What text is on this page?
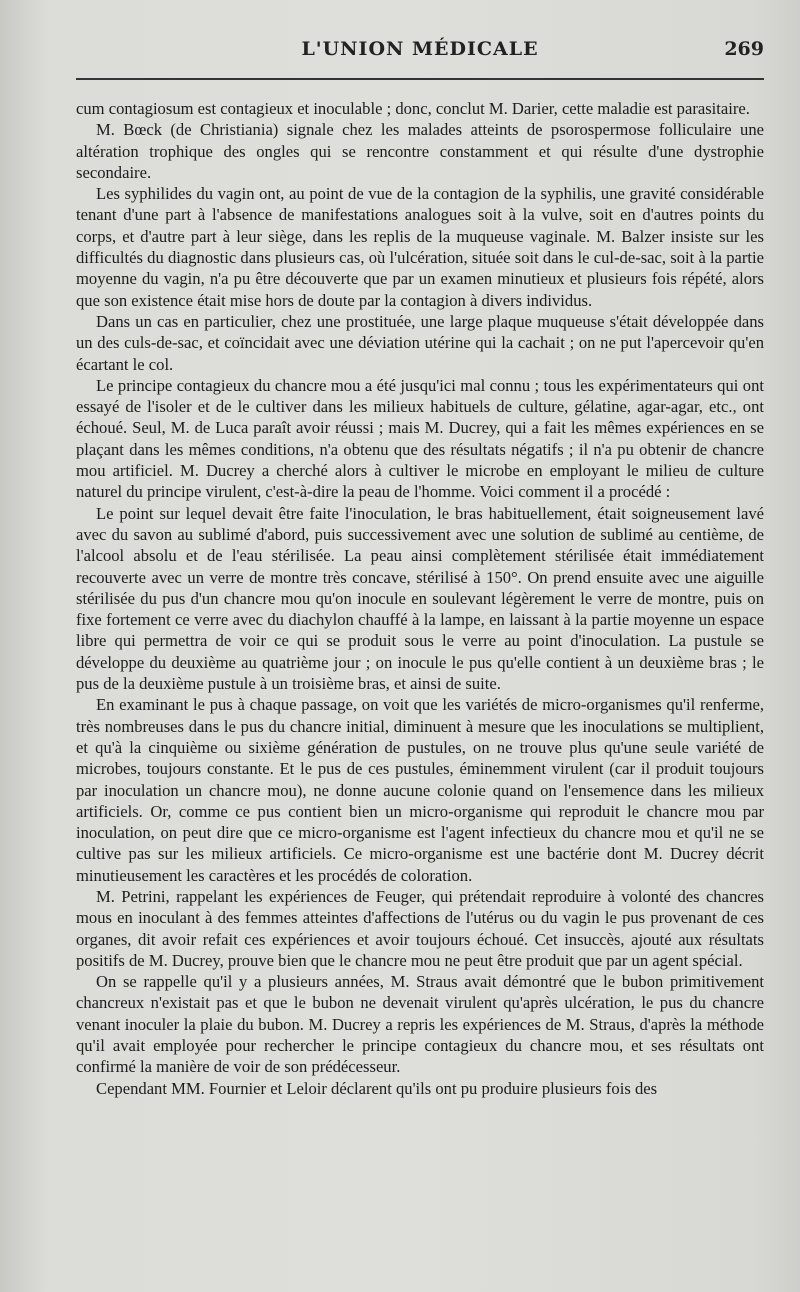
L'UNION MÉDICALE	269

cum contagiosum est contagieux et inoculable ; donc, conclut M. Darier, cette maladie est parasitaire.

M. Bœck (de Christiania) signale chez les malades atteints de psorospermose folliculaire une altération trophique des ongles qui se rencontre constamment et qui résulte d'une dystrophie secondaire.

Les syphilides du vagin ont, au point de vue de la contagion de la syphilis, une gravité considérable tenant d'une part à l'absence de manifestations analogues soit à la vulve, soit en d'autres points du corps, et d'autre part à leur siège, dans les replis de la muqueuse vaginale. M. Balzer insiste sur les difficultés du diagnostic dans plusieurs cas, où l'ulcération, située soit dans le cul-de-sac, soit à la partie moyenne du vagin, n'a pu être découverte que par un examen minutieux et plusieurs fois répété, alors que son existence était mise hors de doute par la contagion à divers individus.

Dans un cas en particulier, chez une prostituée, une large plaque muqueuse s'était développée dans un des culs-de-sac, et coïncidait avec une déviation utérine qui la cachait ; on ne put l'apercevoir qu'en écartant le col.

Le principe contagieux du chancre mou a été jusqu'ici mal connu ; tous les expérimentateurs qui ont essayé de l'isoler et de le cultiver dans les milieux habituels de culture, gélatine, agar-agar, etc., ont échoué. Seul, M. de Luca paraît avoir réussi ; mais M. Ducrey, qui a fait les mêmes expériences en se plaçant dans les mêmes conditions, n'a obtenu que des résultats négatifs ; il n'a pu obtenir de chancre mou artificiel. M. Ducrey a cherché alors à cultiver le microbe en employant le milieu de culture naturel du principe virulent, c'est-à-dire la peau de l'homme. Voici comment il a procédé :

Le point sur lequel devait être faite l'inoculation, le bras habituellement, était soigneusement lavé avec du savon au sublimé d'abord, puis successivement avec une solution de sublimé au centième, de l'alcool absolu et de l'eau stérilisée. La peau ainsi complètement stérilisée était immédiatement recouverte avec un verre de montre très concave, stérilisé à 150°. On prend ensuite avec une aiguille stérilisée du pus d'un chancre mou qu'on inocule en soulevant légèrement le verre de montre, puis on fixe fortement ce verre avec du diachylon chauffé à la lampe, en laissant à la partie moyenne un espace libre qui permettra de voir ce qui se produit sous le verre au point d'inoculation. La pustule se développe du deuxième au quatrième jour ; on inocule le pus qu'elle contient à un deuxième bras ; le pus de la deuxième pustule à un troisième bras, et ainsi de suite.

En examinant le pus à chaque passage, on voit que les variétés de micro-organismes qu'il renferme, très nombreuses dans le pus du chancre initial, diminuent à mesure que les inoculations se multiplient, et qu'à la cinquième ou sixième génération de pustules, on ne trouve plus qu'une seule variété de microbes, toujours constante. Et le pus de ces pustules, éminemment virulent (car il produit toujours par inoculation un chancre mou), ne donne aucune colonie quand on l'ensemence dans les milieux artificiels. Or, comme ce pus contient bien un micro-organisme qui reproduit le chancre mou par inoculation, on peut dire que ce micro-organisme est l'agent infectieux du chancre mou et qu'il ne se cultive pas sur les milieux artificiels. Ce micro-organisme est une bactérie dont M. Ducrey décrit minutieusement les caractères et les procédés de coloration.

M. Petrini, rappelant les expériences de Feuger, qui prétendait reproduire à volonté des chancres mous en inoculant à des femmes atteintes d'affections de l'utérus ou du vagin le pus provenant de ces organes, dit avoir refait ces expériences et avoir toujours échoué. Cet insuccès, ajouté aux résultats positifs de M. Ducrey, prouve bien que le chancre mou ne peut être produit que par un agent spécial.

On se rappelle qu'il y a plusieurs années, M. Straus avait démontré que le bubon primitivement chancreux n'existait pas et que le bubon ne devenait virulent qu'après ulcération, le pus du chancre venant inoculer la plaie du bubon. M. Ducrey a repris les expériences de M. Straus, d'après la méthode qu'il avait employée pour rechercher le principe contagieux du chancre mou, et ses résultats ont confirmé la manière de voir de son prédécesseur.

Cependant MM. Fournier et Leloir déclarent qu'ils ont pu produire plusieurs fois des
